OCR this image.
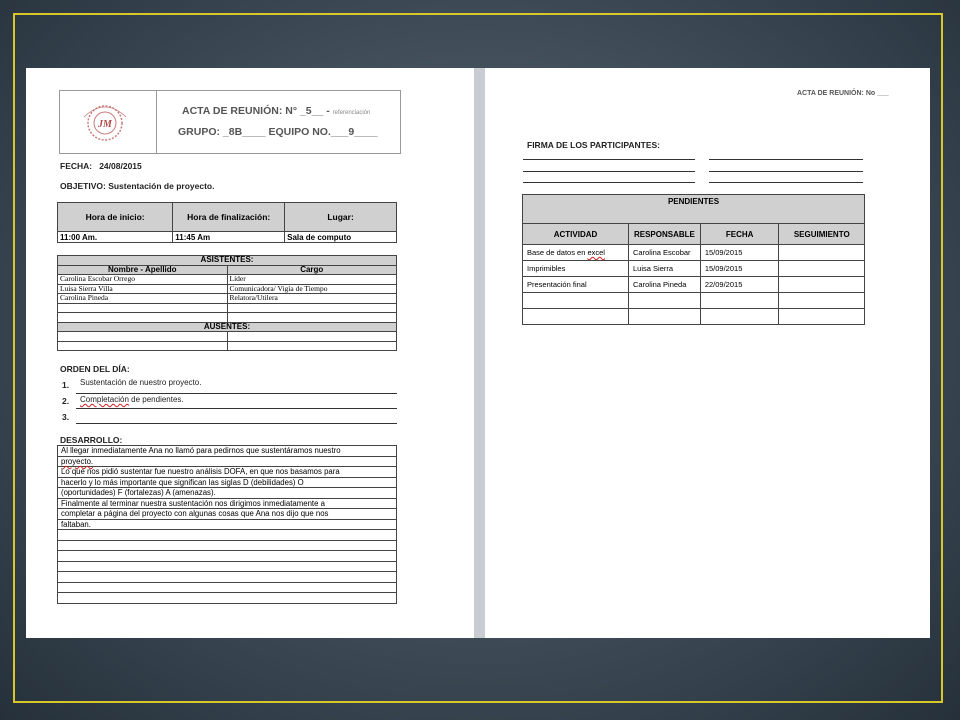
JM
ACTA DE REUNIÓN: N° _5__ - referenciación
GRUPO: _8B____ EQUIPO NO.___9____
FECHA: 24/08/2015
OBJETIVO: Sustentación de proyecto.
Hora de inicio:	Hora de finalización:	Lugar:
11:00 Am.	11:45 Am	Sala de computo
ASISTENTES:	
Nombre - Apellido	Cargo
Carolina Escobar Orrego	Líder
Luisa Sierra Villa	Comunicadora/ Vigía de Tiempo
Carolina Pineda	Relatora/Utilera

AUSENTES:	

ORDEN DEL DÍA:
1. Sustentación de nuestro proyecto.
2. Completación de pendientes.
3.
DESARROLLO:
Al llegar inmediatamente Ana no llamó para pedirnos que sustentáramos nuestro
proyecto.
Lo que nos pidió sustentar fue nuestro análisis DOFA, en que nos basamos para
hacerlo y lo más importante que significan las siglas D (debilidades) O
(oportunidades) F (fortalezas) A (amenazas).
Finalmente al terminar nuestra sustentación nos dirigimos inmediatamente a
completar a página del proyecto con algunas cosas que Ana nos dijo que nos
faltaban.

ACTA DE REUNIÓN: No ___
FIRMA DE LOS PARTICIPANTES:
PENDIENTES			
ACTIVIDAD	RESPONSABLE	FECHA	SEGUIMIENTO
Base de datos en excel	Carolina Escobar	15/09/2015	
Imprimibles	Luisa Sierra	15/09/2015	
Presentación final	Carolina Pineda	22/09/2015	
